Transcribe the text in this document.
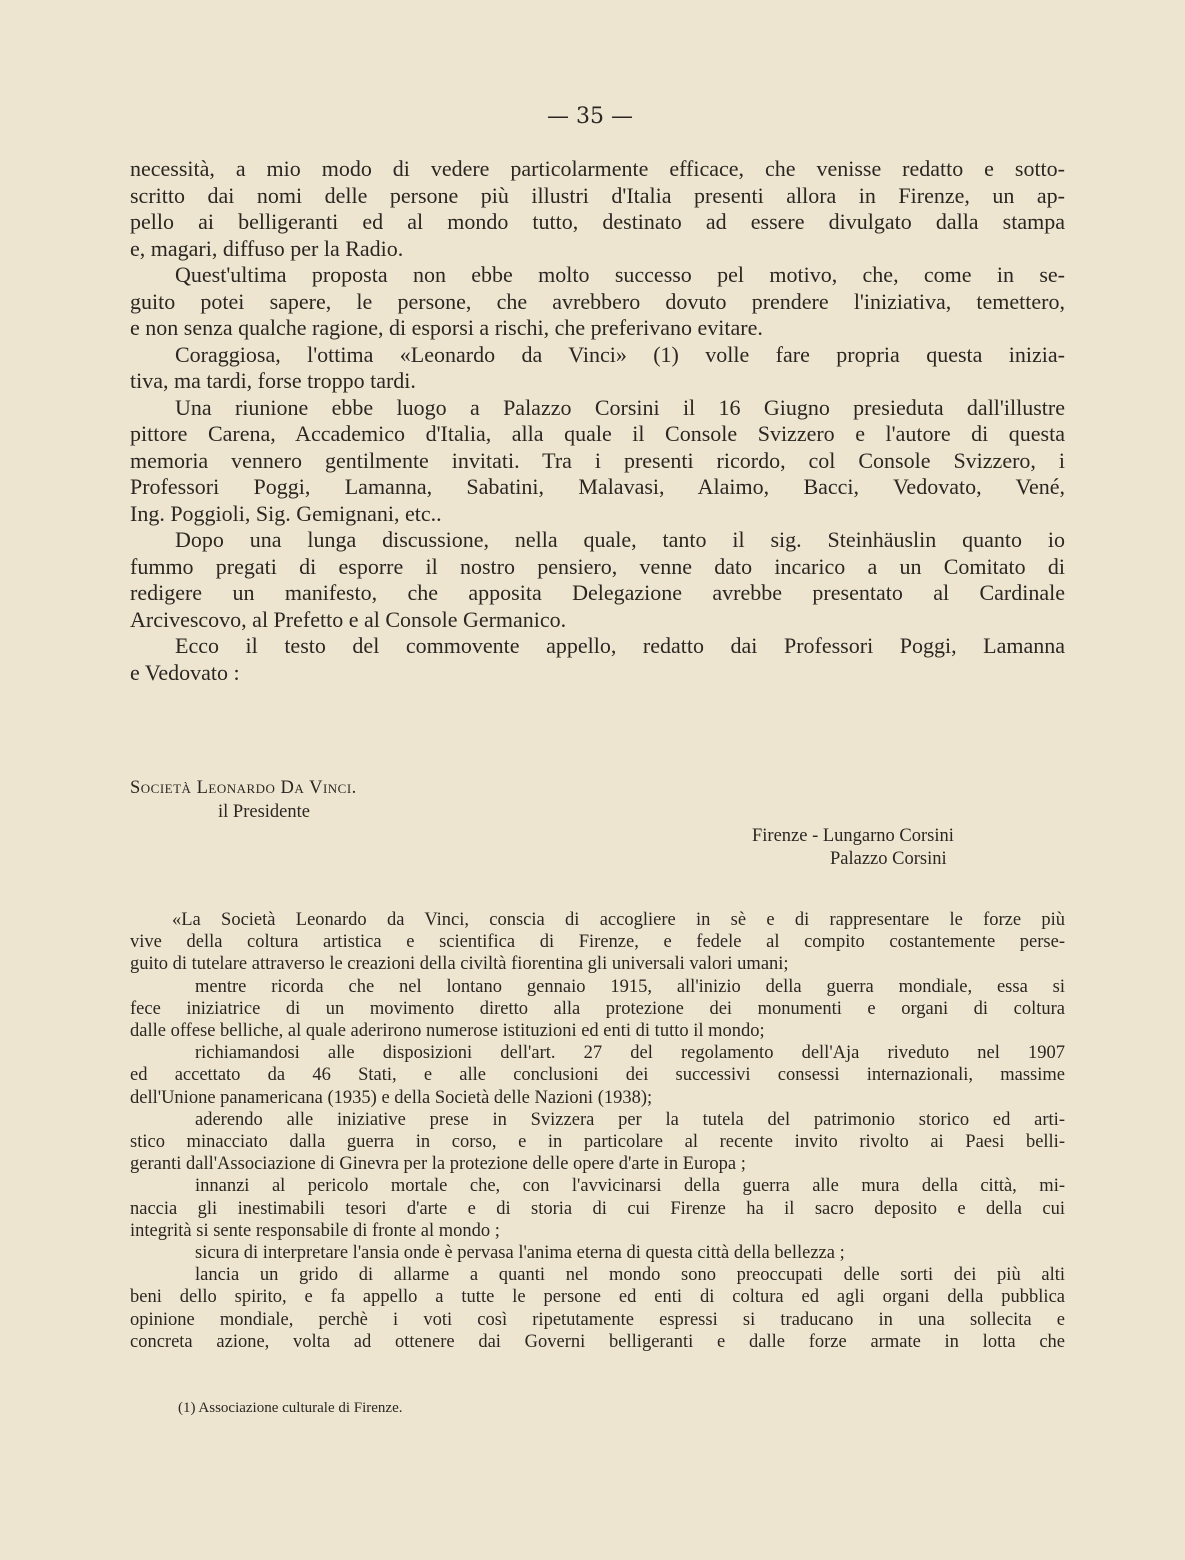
— 35 —
necessità, a mio modo di vedere particolarmente efficace, che venisse redatto e sotto-
scritto dai nomi delle persone più illustri d'Italia presenti allora in Firenze, un ap-
pello ai belligeranti ed al mondo tutto, destinato ad essere divulgato dalla stampa
e, magari, diffuso per la Radio.
Quest'ultima proposta non ebbe molto successo pel motivo, che, come in se-
guito potei sapere, le persone, che avrebbero dovuto prendere l'iniziativa, temettero,
e non senza qualche ragione, di esporsi a rischi, che preferivano evitare.
Coraggiosa, l'ottima «Leonardo da Vinci» (1) volle fare propria questa inizia-
tiva, ma tardi, forse troppo tardi.
Una riunione ebbe luogo a Palazzo Corsini il 16 Giugno presieduta dall'illustre
pittore Carena, Accademico d'Italia, alla quale il Console Svizzero e l'autore di questa
memoria vennero gentilmente invitati. Tra i presenti ricordo, col Console Svizzero, i
Professori Poggi, Lamanna, Sabatini, Malavasi, Alaimo, Bacci, Vedovato, Vené,
Ing. Poggioli, Sig. Gemignani, etc..
Dopo una lunga discussione, nella quale, tanto il sig. Steinhäuslin quanto io
fummo pregati di esporre il nostro pensiero, venne dato incarico a un Comitato di
redigere un manifesto, che apposita Delegazione avrebbe presentato al Cardinale
Arcivescovo, al Prefetto e al Console Germanico.
Ecco il testo del commovente appello, redatto dai Professori Poggi, Lamanna
e Vedovato :
Società Leonardo Da Vinci.
il Presidente
Firenze - Lungarno Corsini
Palazzo Corsini
«La Società Leonardo da Vinci, conscia di accogliere in sè e di rappresentare le forze più
vive della coltura artistica e scientifica di Firenze, e fedele al compito costantemente perse-
guito di tutelare attraverso le creazioni della civiltà fiorentina gli universali valori umani;
mentre ricorda che nel lontano gennaio 1915, all'inizio della guerra mondiale, essa si
fece iniziatrice di un movimento diretto alla protezione dei monumenti e organi di coltura
dalle offese belliche, al quale aderirono numerose istituzioni ed enti di tutto il mondo;
richiamandosi alle disposizioni dell'art. 27 del regolamento dell'Aja riveduto nel 1907
ed accettato da 46 Stati, e alle conclusioni dei successivi consessi internazionali, massime
dell'Unione panamericana (1935) e della Società delle Nazioni (1938);
aderendo alle iniziative prese in Svizzera per la tutela del patrimonio storico ed arti-
stico minacciato dalla guerra in corso, e in particolare al recente invito rivolto ai Paesi belli-
geranti dall'Associazione di Ginevra per la protezione delle opere d'arte in Europa ;
innanzi al pericolo mortale che, con l'avvicinarsi della guerra alle mura della città, mi-
naccia gli inestimabili tesori d'arte e di storia di cui Firenze ha il sacro deposito e della cui
integrità si sente responsabile di fronte al mondo ;
sicura di interpretare l'ansia onde è pervasa l'anima eterna di questa città della bellezza ;
lancia un grido di allarme a quanti nel mondo sono preoccupati delle sorti dei più alti
beni dello spirito, e fa appello a tutte le persone ed enti di coltura ed agli organi della pubblica
opinione mondiale, perchè i voti così ripetutamente espressi si traducano in una sollecita e
concreta azione, volta ad ottenere dai Governi belligeranti e dalle forze armate in lotta che
(1) Associazione culturale di Firenze.
